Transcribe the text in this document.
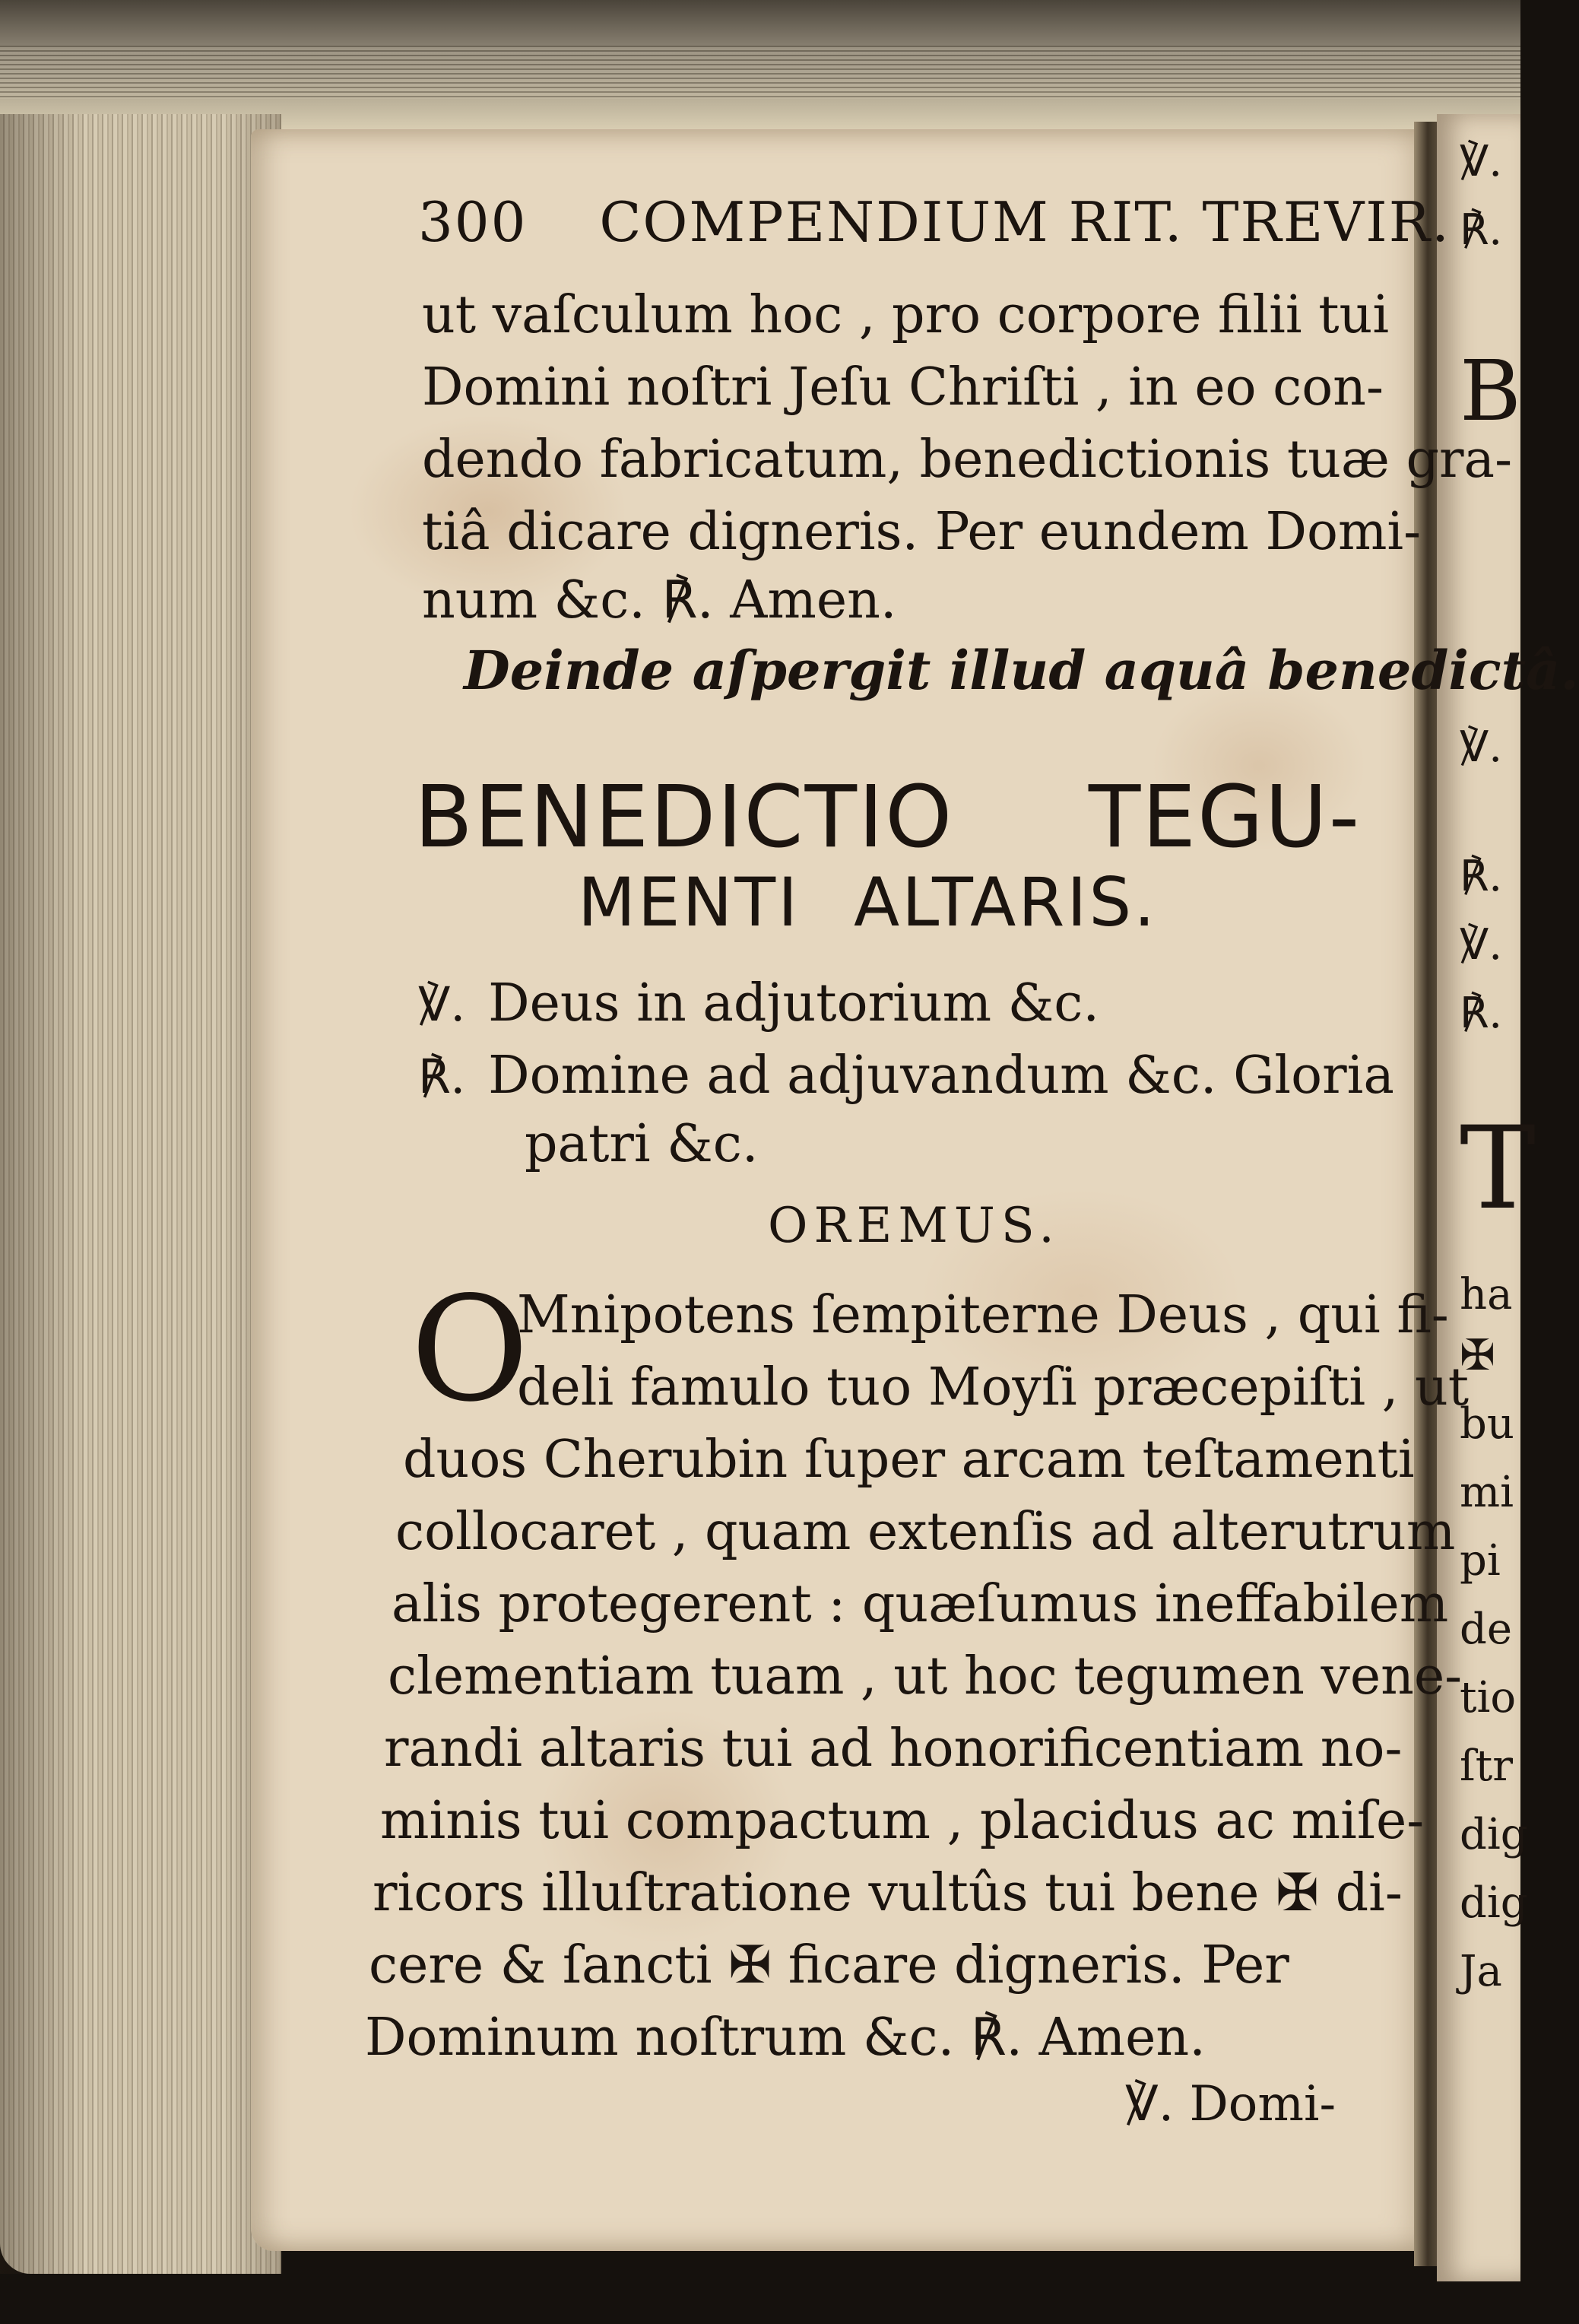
℣.
℟.
B
℣.
℟.
℣.
℟.
T
ha
✠
bu
mi
pi
de
tio
ſtr
dig
dig
Ja
300 COMPENDIUM RIT. TREVIR.
ut vaſculum hoc , pro corpore filii tui
Domini noſtri Jeſu Chriſti , in eo con-
dendo fabricatum, benedictionis tuæ gra-
tiâ dicare digneris. Per eundem Domi-
num &c. ℟. Amen.
Deinde aſpergit illud aquâ benedictâ.
BENEDICTIO TEGU-
MENTI ALTARIS.
℣. Deus in adjutorium &c.
℟. Domine ad adjuvandum &c. Gloria
patri &c.
OREMUS.
O
Mnipotens ſempiterne Deus , qui fi-
deli famulo tuo Moyſi præcepiſti , ut
duos Cherubin ſuper arcam teſtamenti
collocaret , quam extenſis ad alterutrum
alis protegerent : quæſumus ineffabilem
clementiam tuam , ut hoc tegumen vene-
randi altaris tui ad honorificentiam no-
minis tui compactum , placidus ac miſe-
ricors illuſtratione vultûs tui bene ✠ di-
cere & ſancti ✠ ficare digneris. Per
Dominum noſtrum &c. ℟. Amen.
℣. Domi-
